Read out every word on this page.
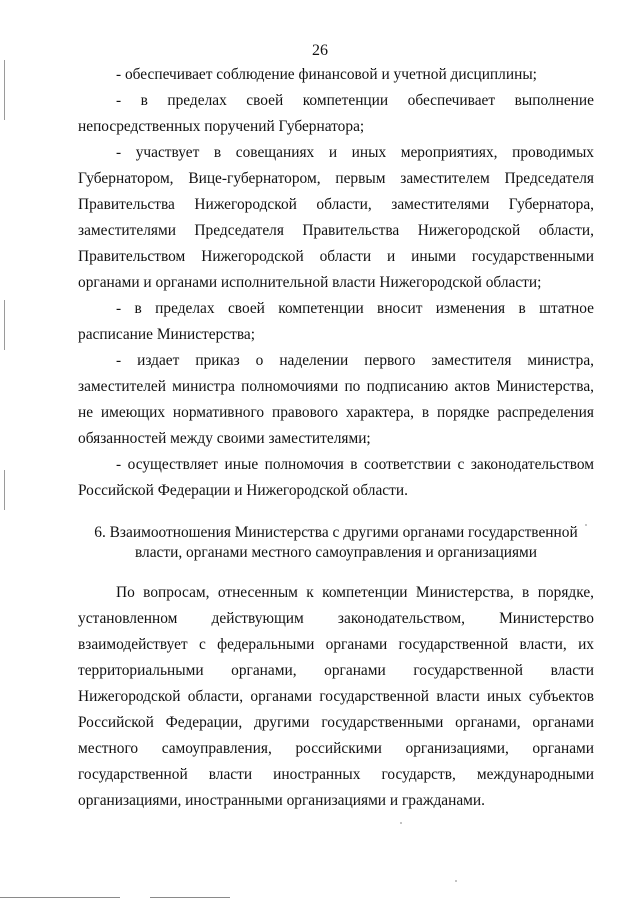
26

- обеспечивает соблюдение финансовой и учетной дисциплины;

- в пределах своей компетенции обеспечивает выполнение непосредственных поручений Губернатора;

- участвует в совещаниях и иных мероприятиях, проводимых Губернатором, Вице-губернатором, первым заместителем Председателя Правительства Нижегородской области, заместителями Губернатора, заместителями Председателя Правительства Нижегородской области, Правительством Нижегородской области и иными государственными органами и органами исполнительной власти Нижегородской области;

- в пределах своей компетенции вносит изменения в штатное расписание Министерства;

- издает приказ о наделении первого заместителя министра, заместителей министра полномочиями по подписанию актов Министерства, не имеющих нормативного правового характера, в порядке распределения обязанностей между своими заместителями;

- осуществляет иные полномочия в соответствии с законодательством Российской Федерации и Нижегородской области.

6. Взаимоотношения Министерства с другими органами государственной
власти, органами местного самоуправления и организациями

По вопросам, отнесенным к компетенции Министерства, в порядке, установленном действующим законодательством, Министерство взаимодействует с федеральными органами государственной власти, их территориальными органами, органами государственной власти Нижегородской области, органами государственной власти иных субъектов Российской Федерации, другими государственными органами, органами местного самоуправления, российскими организациями, органами государственной власти иностранных государств, международными организациями, иностранными организациями и гражданами.
